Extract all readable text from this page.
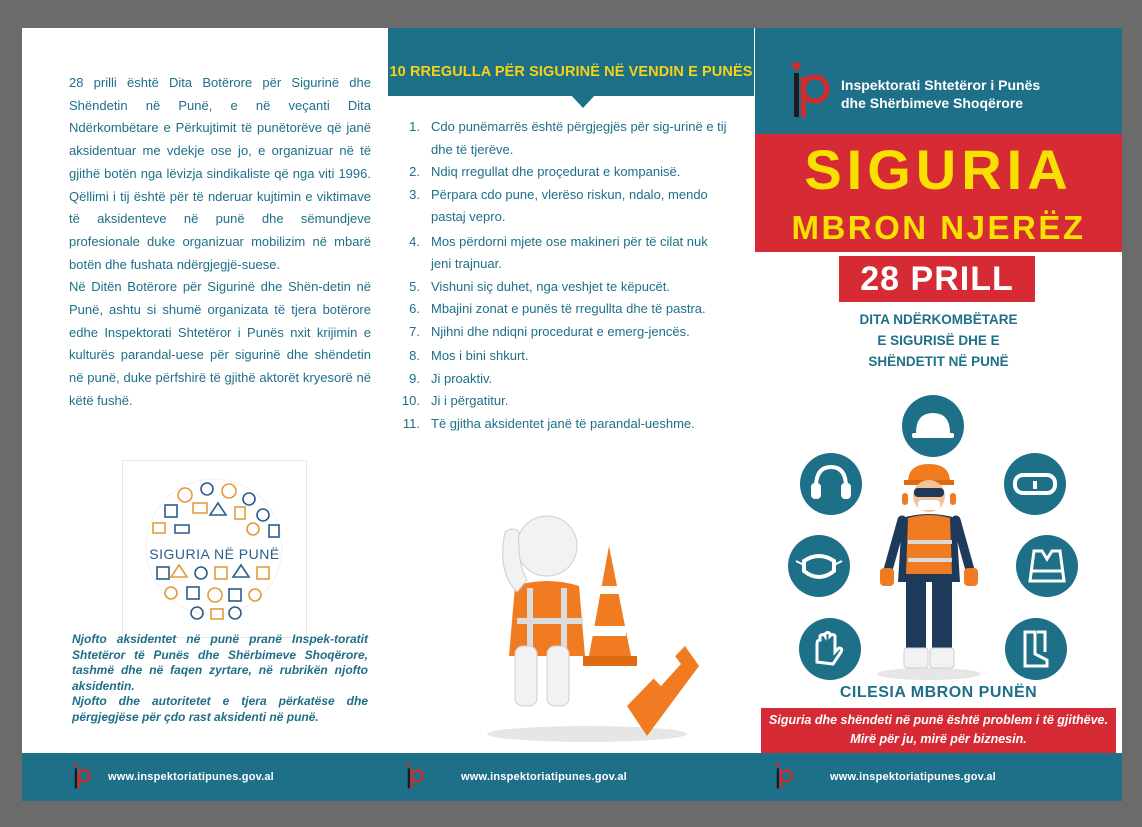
28 prilli është Dita Botërore për Sigurinë dhe Shëndetin në Punë, e në veçanti Dita Ndërkombëtare e Përkujtimit të punëtorëve që janë aksidentuar me vdekje ose jo, e organizuar në të gjithë botën nga lëvizja sindikaliste që nga viti 1996. Qëllimi i tij është për të nderuar kujtimin e viktimave të aksidenteve në punë dhe sëmundjeve profesionale duke organizuar mobilizim në mbarë botën dhe fushata ndërgjegjë-suese.

Në Ditën Botërore për Sigurinë dhe Shën-detin në Punë, ashtu si shumë organizata të tjera botërore edhe Inspektorati Shtetëror i Punës nxit krijimin e kulturës parandal-uese për sigurinë dhe shëndetin në punë, duke përfshirë të gjithë aktorët kryesorë në këtë fushë.

SIGURIA NË PUNË

Njofto aksidentet në punë pranë Inspek-toratit Shtetëror të Punës dhe Shërbimeve Shoqërore, tashmë dhe në faqen zyrtare, në rubrikën njofto aksidentin.

Njofto dhe autoritetet e tjera përkatëse dhe përgjegjëse për çdo rast aksidenti në punë.

10 RREGULLA PËR SIGURINË NË VENDIN E PUNËS
1. Cdo punëmarrës është përgjegjës për sig-urinë e tij dhe të tjerëve.
2. Ndiq rregullat dhe proçedurat e kompanisë.
3. Përpara cdo pune, vlerëso riskun, ndalo, mendo pastaj vepro.
4. Mos përdorni mjete ose makineri për të cilat nuk jeni trajnuar.
5. Vishuni siç duhet, nga veshjet te këpucët.
6. Mbajini zonat e punës të rregullta dhe të pastra.
7. Njihni dhe ndiqni procedurat e emerg-jencës.
8. Mos i bini shkurt.
9. Ji proaktiv.
10. Ji i përgatitur.
11. Të gjitha aksidentet janë të parandal-ueshme.
Inspektorati Shtetëror i Punës
dhe Shërbimeve Shoqërore
SIGURIA
MBRON NJERËZ
28 PRILL
DITA NDËRKOMBËTARE
E SIGURISË DHE E
SHËNDETIT NË PUNË
CILESIA MBRON PUNËN
Siguria dhe shëndeti në punë është problem i të gjithëve.
Mirë për ju, mirë për biznesin.
www.inspektoriatipunes.gov.al	www.inspektoriatipunes.gov.al	www.inspektoriatipunes.gov.al
